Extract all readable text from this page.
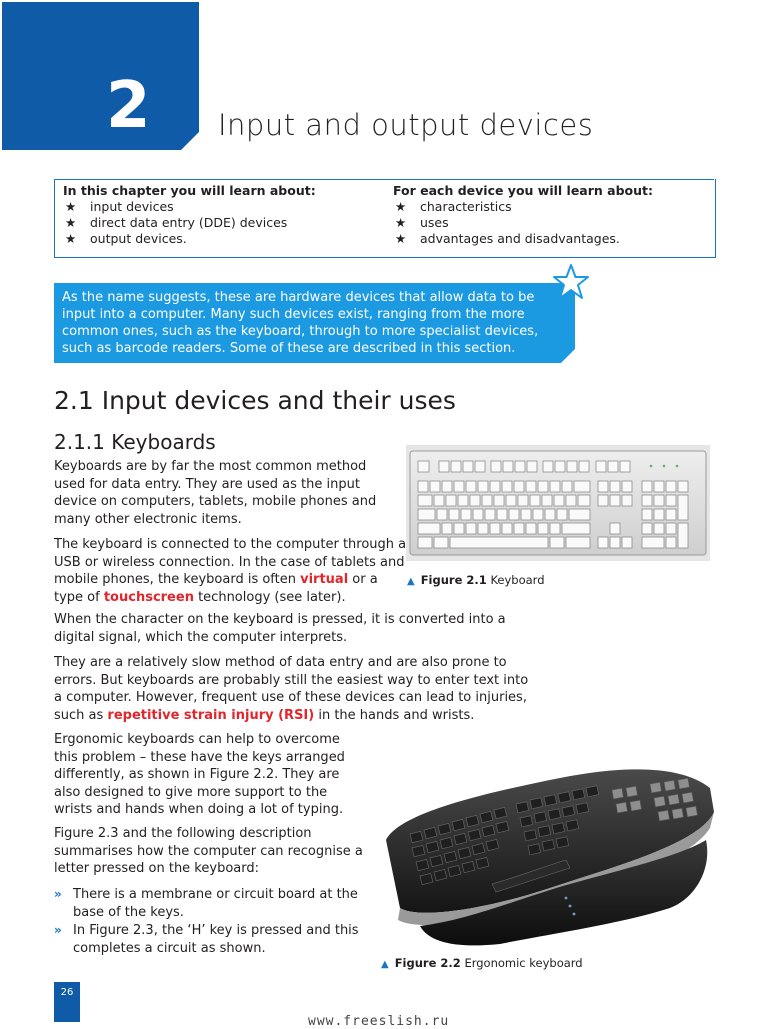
2 Input and output devices
In this chapter you will learn about:
★ input devices
★ direct data entry (DDE) devices
★ output devices.
For each device you will learn about:
★ characteristics
★ uses
★ advantages and disadvantages.
As the name suggests, these are hardware devices that allow data to be input into a computer. Many such devices exist, ranging from the more common ones, such as the keyboard, through to more specialist devices, such as barcode readers. Some of these are described in this section.
2.1 Input devices and their uses
2.1.1 Keyboards

Keyboards are by far the most common method used for data entry. They are used as the input device on computers, tablets, mobile phones and many other electronic items.

The keyboard is connected to the computer through a USB or wireless connection. In the case of tablets and mobile phones, the keyboard is often virtual or a type of touchscreen technology (see later).

When the character on the keyboard is pressed, it is converted into a digital signal, which the computer interprets.

They are a relatively slow method of data entry and are also prone to errors. But keyboards are probably still the easiest way to enter text into a computer. However, frequent use of these devices can lead to injuries, such as repetitive strain injury (RSI) in the hands and wrists.

Ergonomic keyboards can help to overcome this problem – these have the keys arranged differently, as shown in Figure 2.2. They are also designed to give more support to the wrists and hands when doing a lot of typing.

Figure 2.3 and the following description summarises how the computer can recognise a letter pressed on the keyboard:

» There is a membrane or circuit board at the base of the keys.
» In Figure 2.3, the ‘H’ key is pressed and this completes a circuit as shown.
▲ Figure 2.1 Keyboard
▲ Figure 2.2 Ergonomic keyboard
26
www.freeslish.ru
